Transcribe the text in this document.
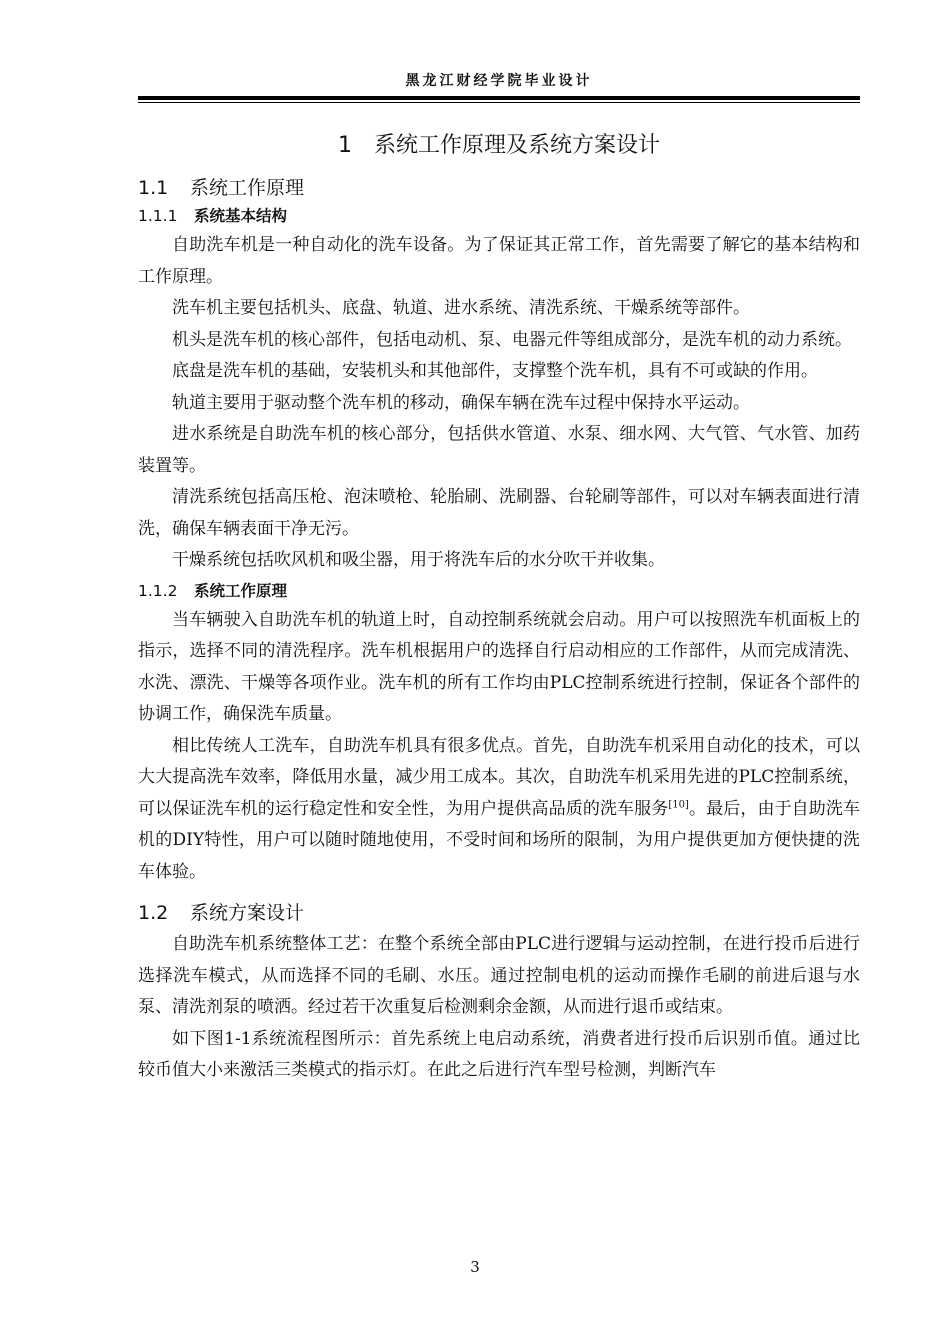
黑龙江财经学院毕业设计
1 系统工作原理及系统方案设计
1.1 系统工作原理
1.1.1 系统基本结构

自助洗车机是一种自动化的洗车设备。为了保证其正常工作，首先需要了解它的基本结构和工作原理。

洗车机主要包括机头、底盘、轨道、进水系统、清洗系统、干燥系统等部件。

机头是洗车机的核心部件，包括电动机、泵、电器元件等组成部分，是洗车机的动力系统。

底盘是洗车机的基础，安装机头和其他部件，支撑整个洗车机，具有不可或缺的作用。

轨道主要用于驱动整个洗车机的移动，确保车辆在洗车过程中保持水平运动。

进水系统是自助洗车机的核心部分，包括供水管道、水泵、细水网、大气管、气水管、加药装置等。

清洗系统包括高压枪、泡沫喷枪、轮胎刷、洗刷器、台轮刷等部件，可以对车辆表面进行清洗，确保车辆表面干净无污。

干燥系统包括吹风机和吸尘器，用于将洗车后的水分吹干并收集。

1.1.2 系统工作原理

当车辆驶入自助洗车机的轨道上时，自动控制系统就会启动。用户可以按照洗车机面板上的指示，选择不同的清洗程序。洗车机根据用户的选择自行启动相应的工作部件，从而完成清洗、水洗、漂洗、干燥等各项作业。洗车机的所有工作均由PLC控制系统进行控制，保证各个部件的协调工作，确保洗车质量。

相比传统人工洗车，自助洗车机具有很多优点。首先，自助洗车机采用自动化的技术，可以大大提高洗车效率，降低用水量，减少用工成本。其次，自助洗车机采用先进的PLC控制系统，可以保证洗车机的运行稳定性和安全性，为用户提供高品质的洗车服务[10]。最后，由于自助洗车机的DIY特性，用户可以随时随地使用，不受时间和场所的限制，为用户提供更加方便快捷的洗车体验。

1.2 系统方案设计

自助洗车机系统整体工艺：在整个系统全部由PLC进行逻辑与运动控制，在进行投币后进行选择洗车模式，从而选择不同的毛刷、水压。通过控制电机的运动而操作毛刷的前进后退与水泵、清洗剂泵的喷洒。经过若干次重复后检测剩余金额，从而进行退币或结束。

如下图1-1系统流程图所示：首先系统上电启动系统，消费者进行投币后识别币值。通过比较币值大小来激活三类模式的指示灯。在此之后进行汽车型号检测，判断汽车

3
